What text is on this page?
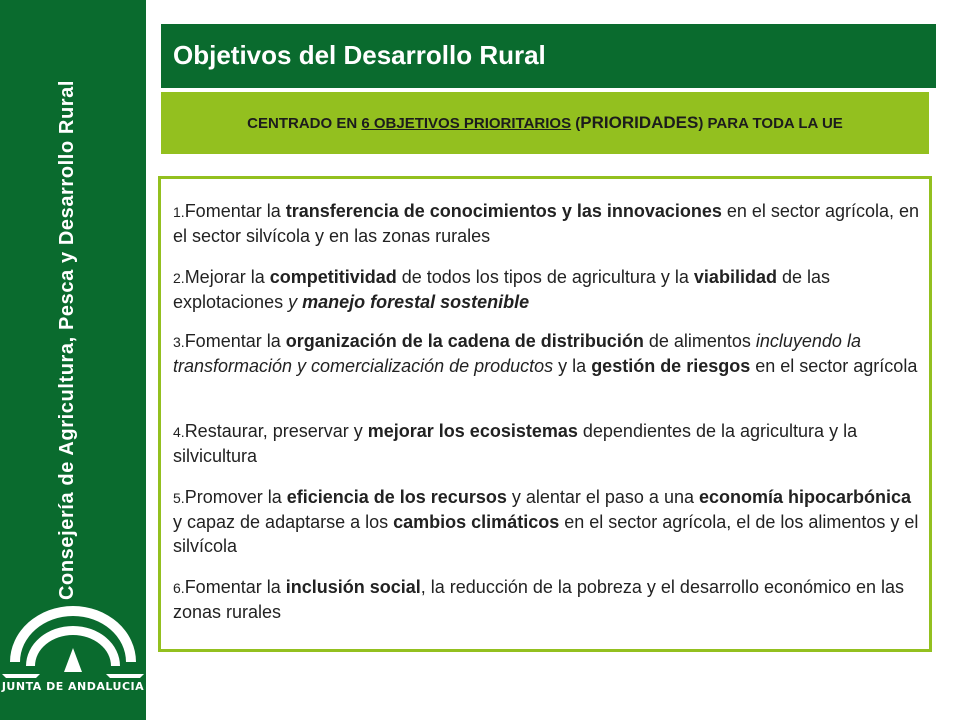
Consejería de Agricultura, Pesca y Desarrollo Rural
JUNTA DE ANDALUCIA
Objetivos del Desarrollo Rural
CENTRADO EN 6 OBJETIVOS PRIORITARIOS (PRIORIDADES) PARA TODA LA UE
1.Fomentar la transferencia de conocimientos y las innovaciones en el sector agrícola, en el sector silvícola y en las zonas rurales
2.Mejorar la competitividad de todos los tipos de agricultura y la viabilidad de las explotaciones y manejo forestal sostenible
3.Fomentar la organización de la cadena de distribución de alimentos incluyendo la transformación y comercialización de productos y la gestión de riesgos en el sector agrícola
4.Restaurar, preservar y mejorar los ecosistemas dependientes de la agricultura y la silvicultura
5.Promover la eficiencia de los recursos y alentar el paso a una economía hipocarbónica y capaz de adaptarse a los cambios climáticos en el sector agrícola, el de los alimentos y el silvícola
6.Fomentar la inclusión social, la reducción de la pobreza y el desarrollo económico en las zonas rurales
